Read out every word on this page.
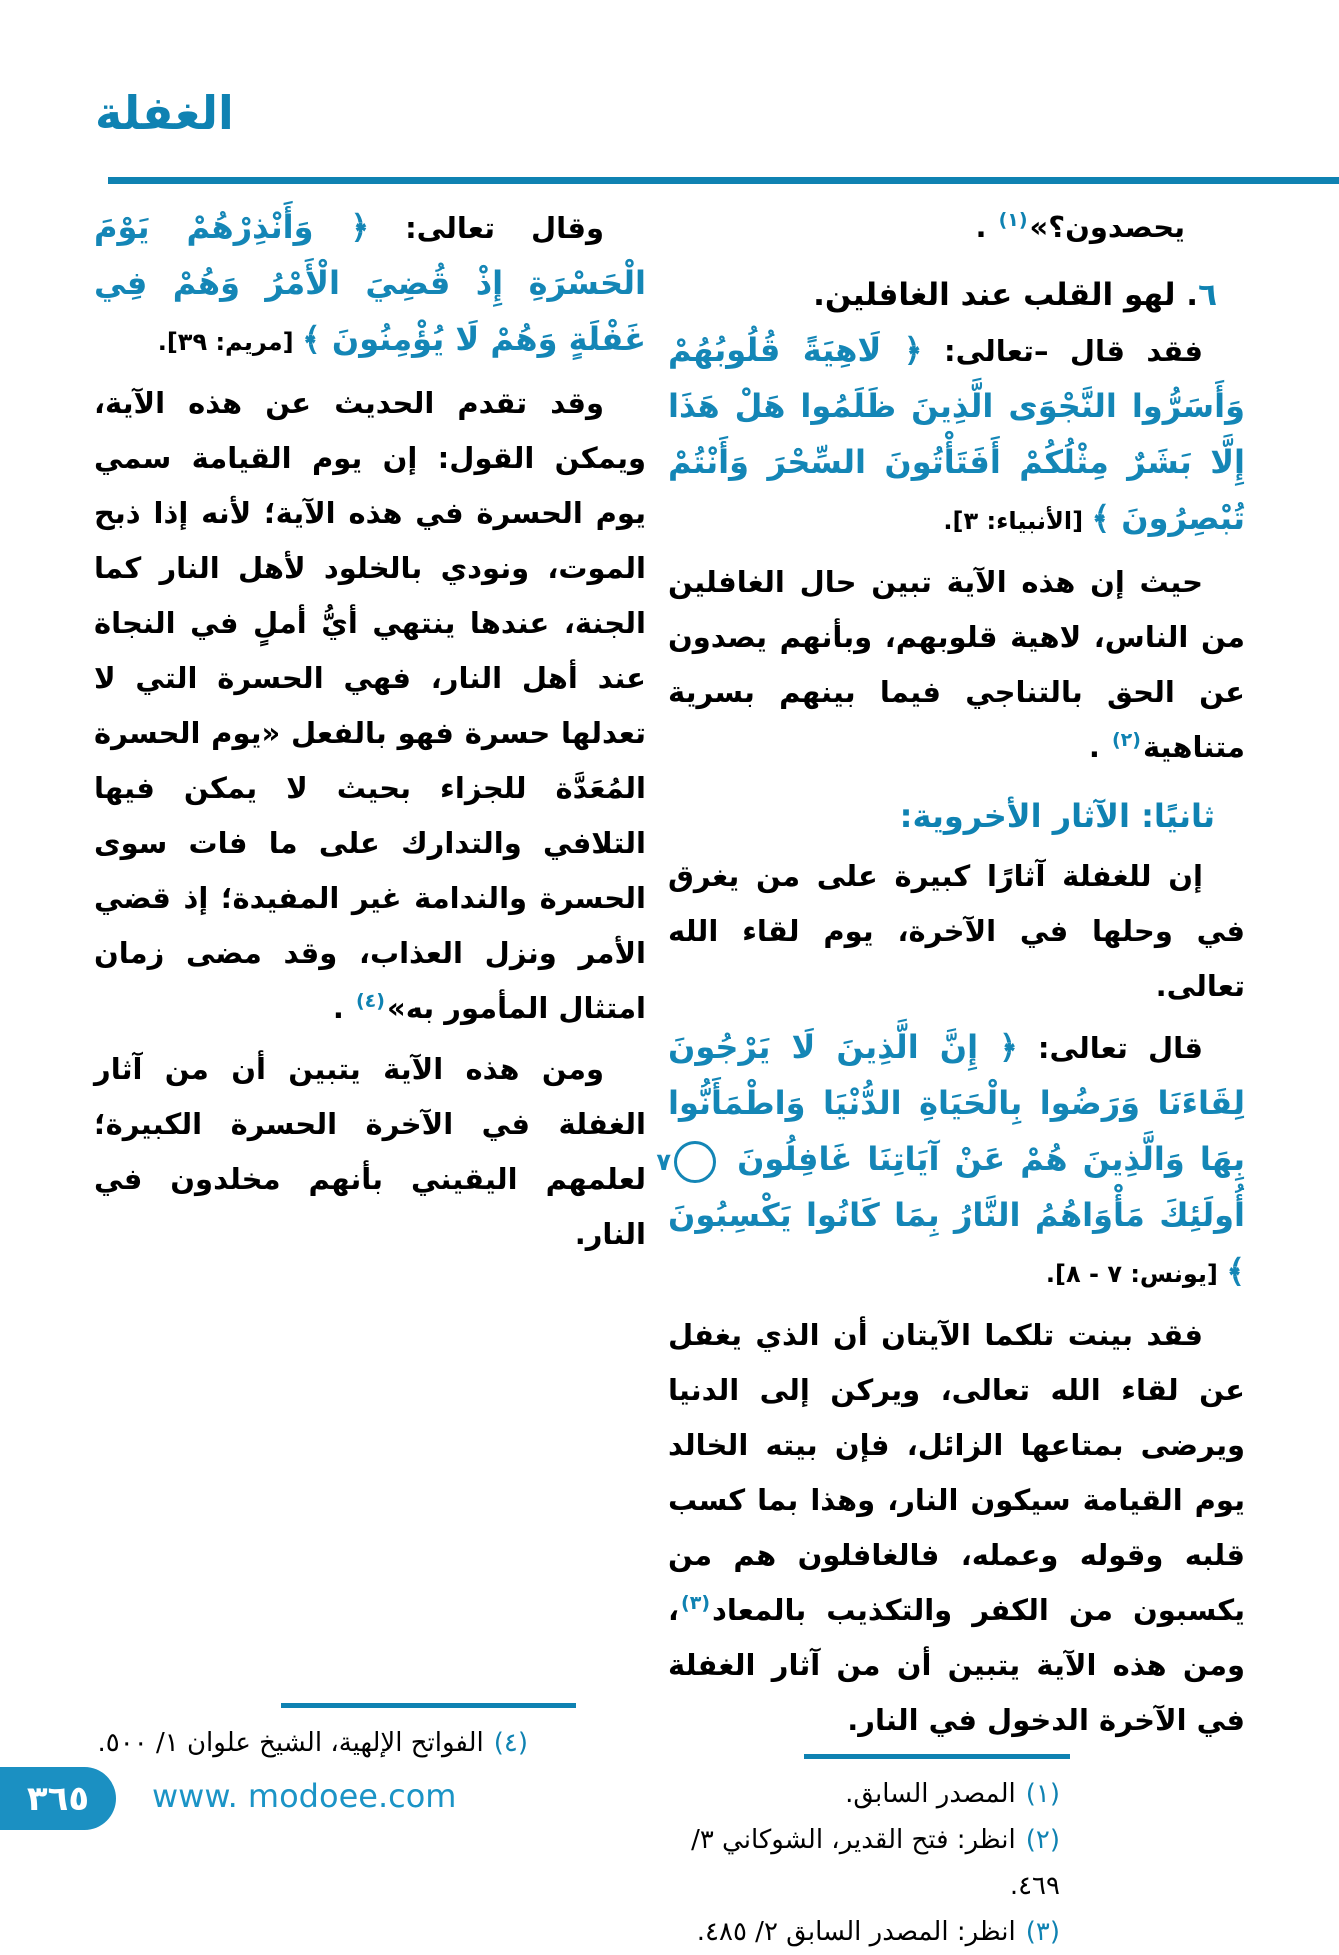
الغفلة

يحصدون؟»$^{(١)}$ .

٦. لهو القلب عند الغافلين.

فقد قال –تعالى: ﴿ لَاهِيَةً قُلُوبُهُمْ وَأَسَرُّوا النَّجْوَى الَّذِينَ ظَلَمُوا هَلْ هَذَا إِلَّا بَشَرٌ مِثْلُكُمْ أَفَتَأْتُونَ السِّحْرَ وَأَنْتُمْ تُبْصِرُونَ ﴾ [الأنبياء: ٣].

حيث إن هذه الآية تبين حال الغافلين من الناس، لاهية قلوبهم، وبأنهم يصدون عن الحق بالتناجي فيما بينهم بسرية متناهية$^{(٢)}$ .

ثانيًا: الآثار الأخروية:

إن للغفلة آثارًا كبيرة على من يغرق في وحلها في الآخرة، يوم لقاء الله تعالى.

قال تعالى: ﴿ إِنَّ الَّذِينَ لَا يَرْجُونَ لِقَاءَنَا وَرَضُوا بِالْحَيَاةِ الدُّنْيَا وَاطْمَأَنُّوا بِهَا وَالَّذِينَ هُمْ عَنْ آيَاتِنَا غَافِلُونَ ٧ أُولَئِكَ مَأْوَاهُمُ النَّارُ بِمَا كَانُوا يَكْسِبُونَ ﴾ [يونس: ٧ - ٨].

فقد بينت تلكما الآيتان أن الذي يغفل عن لقاء الله تعالى، ويركن إلى الدنيا ويرضى بمتاعها الزائل، فإن بيته الخالد يوم القيامة سيكون النار، وهذا بما كسب قلبه وقوله وعمله، فالغافلون هم من يكسبون من الكفر والتكذيب بالمعاد$^{(٣)}$، ومن هذه الآية يتبين أن من آثار الغفلة في الآخرة الدخول في النار.

(١)المصدر السابق.
(٢)انظر: فتح القدير، الشوكاني ٣/ ٤٦٩.
(٣)انظر: المصدر السابق ٢/ ٤٨٥.

وقال تعالى: ﴿ وَأَنْذِرْهُمْ يَوْمَ الْحَسْرَةِ إِذْ قُضِيَ الْأَمْرُ وَهُمْ فِي غَفْلَةٍ وَهُمْ لَا يُؤْمِنُونَ ﴾ [مريم: ٣٩].

وقد تقدم الحديث عن هذه الآية، ويمكن القول: إن يوم القيامة سمي يوم الحسرة في هذه الآية؛ لأنه إذا ذبح الموت، ونودي بالخلود لأهل النار كما الجنة، عندها ينتهي أيُّ أملٍ في النجاة عند أهل النار، فهي الحسرة التي لا تعدلها حسرة فهو بالفعل «يوم الحسرة المُعَدَّة للجزاء بحيث لا يمكن فيها التلافي والتدارك على ما فات سوى الحسرة والندامة غير المفيدة؛ إذ قضي الأمر ونزل العذاب، وقد مضى زمان امتثال المأمور به»$^{(٤)}$ .

ومن هذه الآية يتبين أن من آثار الغفلة في الآخرة الحسرة الكبيرة؛ لعلمهم اليقيني بأنهم مخلدون في النار.

(٤)الفواتح الإلهية، الشيخ علوان ١/ ٥٠٠.
٣٦٥ www. modoee.com
